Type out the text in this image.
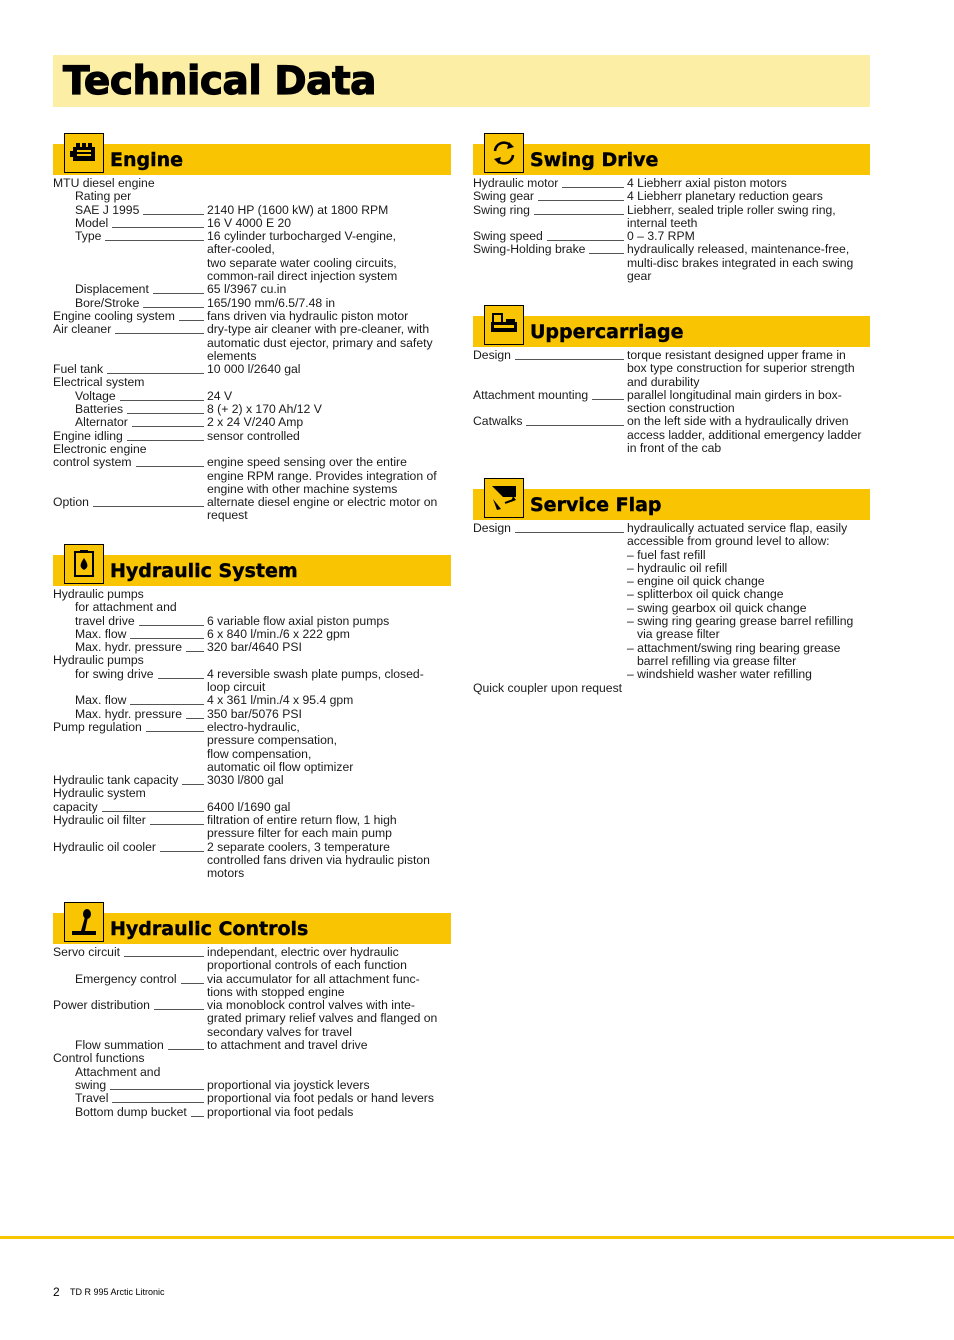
Technical Data
Engine
MTU diesel engine
Rating per
SAE J 1995	2140 HP (1600 kW) at 1800 RPM
Model	16 V 4000 E 20
Type	16 cylinder turbocharged V-engine,
after-cooled,
two separate water cooling circuits,
common-rail direct injection system
Displacement	65 l/3967 cu.in
Bore/Stroke	165/190 mm/6.5/7.48 in
Engine cooling system	fans driven via hydraulic piston motor
Air cleaner	dry-type air cleaner with pre-cleaner, with
automatic dust ejector, primary and safety
elements
Fuel tank	10 000 l/2640 gal
Electrical system
Voltage	24 V
Batteries	8 (+ 2) x 170 Ah/12 V
Alternator	2 x 24 V/240 Amp
Engine idling	sensor controlled
Electronic engine
control system	engine speed sensing over the entire
engine RPM range. Provides integration of
engine with other machine systems
Option	alternate diesel engine or electric motor on
request
Hydraulic System
Hydraulic pumps
for attachment and
travel drive	6 variable flow axial piston pumps
Max. flow	6 x 840 l/min./6 x 222 gpm
Max. hydr. pressure 320 bar/4640 PSI
Hydraulic pumps
for swing drive	4 reversible swash plate pumps, closed-
loop circuit
Max. flow	4 x 361 l/min./4 x 95.4 gpm
Max. hydr. pressure 350 bar/5076 PSI
Pump regulation	electro-hydraulic,
pressure compensation,
flow compensation,
automatic oil flow optimizer
Hydraulic tank capacity 3030 l/800 gal
Hydraulic system
capacity	6400 l/1690 gal
Hydraulic oil filter	filtration of entire return flow, 1 high
pressure filter for each main pump
Hydraulic oil cooler	2 separate coolers, 3 temperature
controlled fans driven via hydraulic piston
motors
Hydraulic Controls
Servo circuit	independant, electric over hydraulic
proportional controls of each function
Emergency control via accumulator for all attachment func-
tions with stopped engine
Power distribution	via monoblock control valves with inte-
grated primary relief valves and flanged on
secondary valves for travel
Flow summation	to attachment and travel drive
Control functions
Attachment and
swing	proportional via joystick levers
Travel	proportional via foot pedals or hand levers
Bottom dump bucket proportional via foot pedals
Swing Drive
Hydraulic motor	4 Liebherr axial piston motors
Swing gear	4 Liebherr planetary reduction gears
Swing ring	Liebherr, sealed triple roller swing ring,
internal teeth
Swing speed	0 – 3.7 RPM
Swing-Holding brake	hydraulically released, maintenance-free,
multi-disc brakes integrated in each swing
gear
Uppercarriage
Design	torque resistant designed upper frame in
box type construction for superior strength
and durability
Attachment mounting	parallel longitudinal main girders in box-
section construction
Catwalks	on the left side with a hydraulically driven
access ladder, additional emergency ladder
in front of the cab
Service Flap
Design	hydraulically actuated service flap, easily
accessible from ground level to allow:
– fuel fast refill
– hydraulic oil refill
– engine oil quick change
– splitterbox oil quick change
– swing gearbox oil quick change
– swing ring gearing grease barrel refilling
via grease filter
– attachment/swing ring bearing grease
barrel refilling via grease filter
– windshield washer water refilling
Quick coupler upon request
2 TD R 995 Arctic Litronic
